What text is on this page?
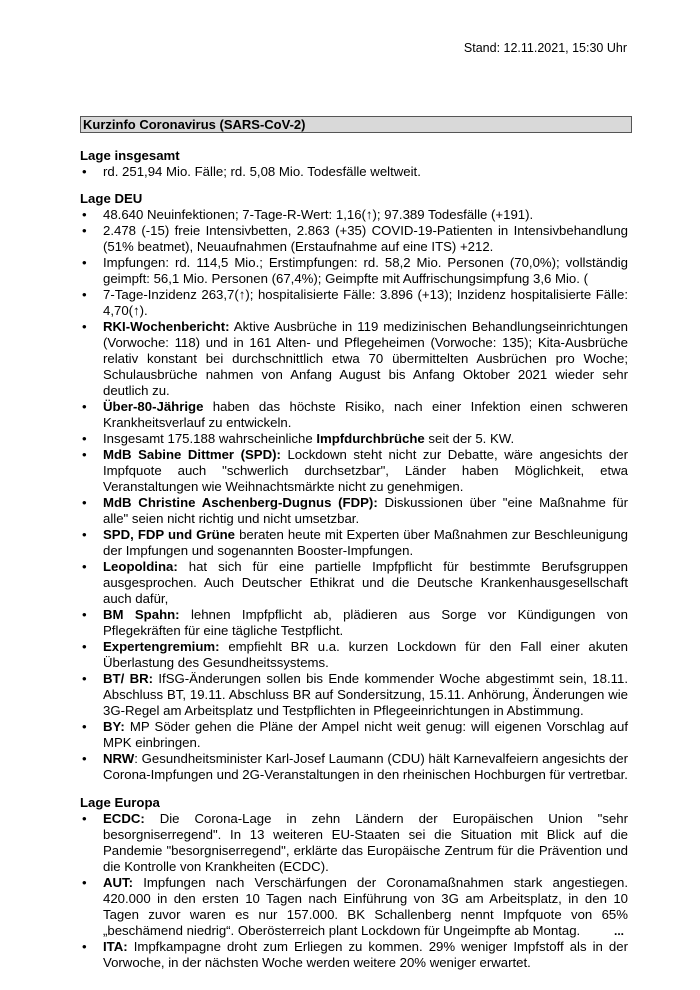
Stand: 12.11.2021, 15:30 Uhr
Kurzinfo Coronavirus (SARS-CoV-2)
Lage insgesamt
• rd. 251,94 Mio. Fälle; rd. 5,08 Mio. Todesfälle weltweit.
Lage DEU
• 48.640 Neuinfektionen; 7-Tage-R-Wert: 1,16(↑); 97.389 Todesfälle (+191).
• 2.478 (-15) freie Intensivbetten, 2.863 (+35) COVID-19-Patienten in Intensivbehandlung (51% beatmet), Neuaufnahmen (Erstaufnahme auf eine ITS) +212.
• Impfungen: rd. 114,5 Mio.; Erstimpfungen: rd. 58,2 Mio. Personen (70,0%); vollständig geimpft: 56,1 Mio. Personen (67,4%); Geimpfte mit Auffrischungsimpfung 3,6 Mio. (
• 7-Tage-Inzidenz 263,7(↑); hospitalisierte Fälle: 3.896 (+13); Inzidenz hospitalisierte Fälle: 4,70(↑).
• RKI-Wochenbericht: Aktive Ausbrüche in 119 medizinischen Behandlungseinrichtungen (Vorwoche: 118) und in 161 Alten- und Pflegeheimen (Vorwoche: 135); Kita-Ausbrüche relativ konstant bei durchschnittlich etwa 70 übermittelten Ausbrüchen pro Woche; Schulausbrüche nahmen von Anfang August bis Anfang Oktober 2021 wieder sehr deutlich zu.
• Über-80-Jährige haben das höchste Risiko, nach einer Infektion einen schweren Krankheitsverlauf zu entwickeln.
• Insgesamt 175.188 wahrscheinliche Impfdurchbrüche seit der 5. KW.
• MdB Sabine Dittmer (SPD): Lockdown steht nicht zur Debatte, wäre angesichts der Impfquote auch "schwerlich durchsetzbar", Länder haben Möglichkeit, etwa Veranstaltungen wie Weihnachtsmärkte nicht zu genehmigen.
• MdB Christine Aschenberg-Dugnus (FDP): Diskussionen über "eine Maßnahme für alle" seien nicht richtig und nicht umsetzbar.
• SPD, FDP und Grüne beraten heute mit Experten über Maßnahmen zur Beschleunigung der Impfungen und sogenannten Booster-Impfungen.
• Leopoldina: hat sich für eine partielle Impfpflicht für bestimmte Berufsgruppen ausgesprochen. Auch Deutscher Ethikrat und die Deutsche Krankenhausgesellschaft auch dafür,
• BM Spahn: lehnen Impfpflicht ab, plädieren aus Sorge vor Kündigungen von Pflegekräften für eine tägliche Testpflicht.
• Expertengremium: empfiehlt BR u.a. kurzen Lockdown für den Fall einer akuten Überlastung des Gesundheitssystems.
• BT/ BR: IfSG-Änderungen sollen bis Ende kommender Woche abgestimmt sein, 18.11. Abschluss BT, 19.11. Abschluss BR auf Sondersitzung, 15.11. Anhörung, Änderungen wie 3G-Regel am Arbeitsplatz und Testpflichten in Pflegeeinrichtungen in Abstimmung.
• BY: MP Söder gehen die Pläne der Ampel nicht weit genug: will eigenen Vorschlag auf MPK einbringen.
• NRW: Gesundheitsminister Karl-Josef Laumann (CDU) hält Karnevalfeiern angesichts der Corona-Impfungen und 2G-Veranstaltungen in den rheinischen Hochburgen für vertretbar.
Lage Europa
• ECDC: Die Corona-Lage in zehn Ländern der Europäischen Union "sehr besorgniserregend". In 13 weiteren EU-Staaten sei die Situation mit Blick auf die Pandemie "besorgniserregend", erklärte das Europäische Zentrum für die Prävention und die Kontrolle von Krankheiten (ECDC).
• AUT: Impfungen nach Verschärfungen der Coronamaßnahmen stark angestiegen. 420.000 in den ersten 10 Tagen nach Einführung von 3G am Arbeitsplatz, in den 10 Tagen zuvor waren es nur 157.000. BK Schallenberg nennt Impfquote von 65% „beschämend niedrig“. Oberösterreich plant Lockdown für Ungeimpfte ab Montag.
• ITA: Impfkampagne droht zum Erliegen zu kommen. 29% weniger Impfstoff als in der Vorwoche, in der nächsten Woche werden weitere 20% weniger erwartet.
...
